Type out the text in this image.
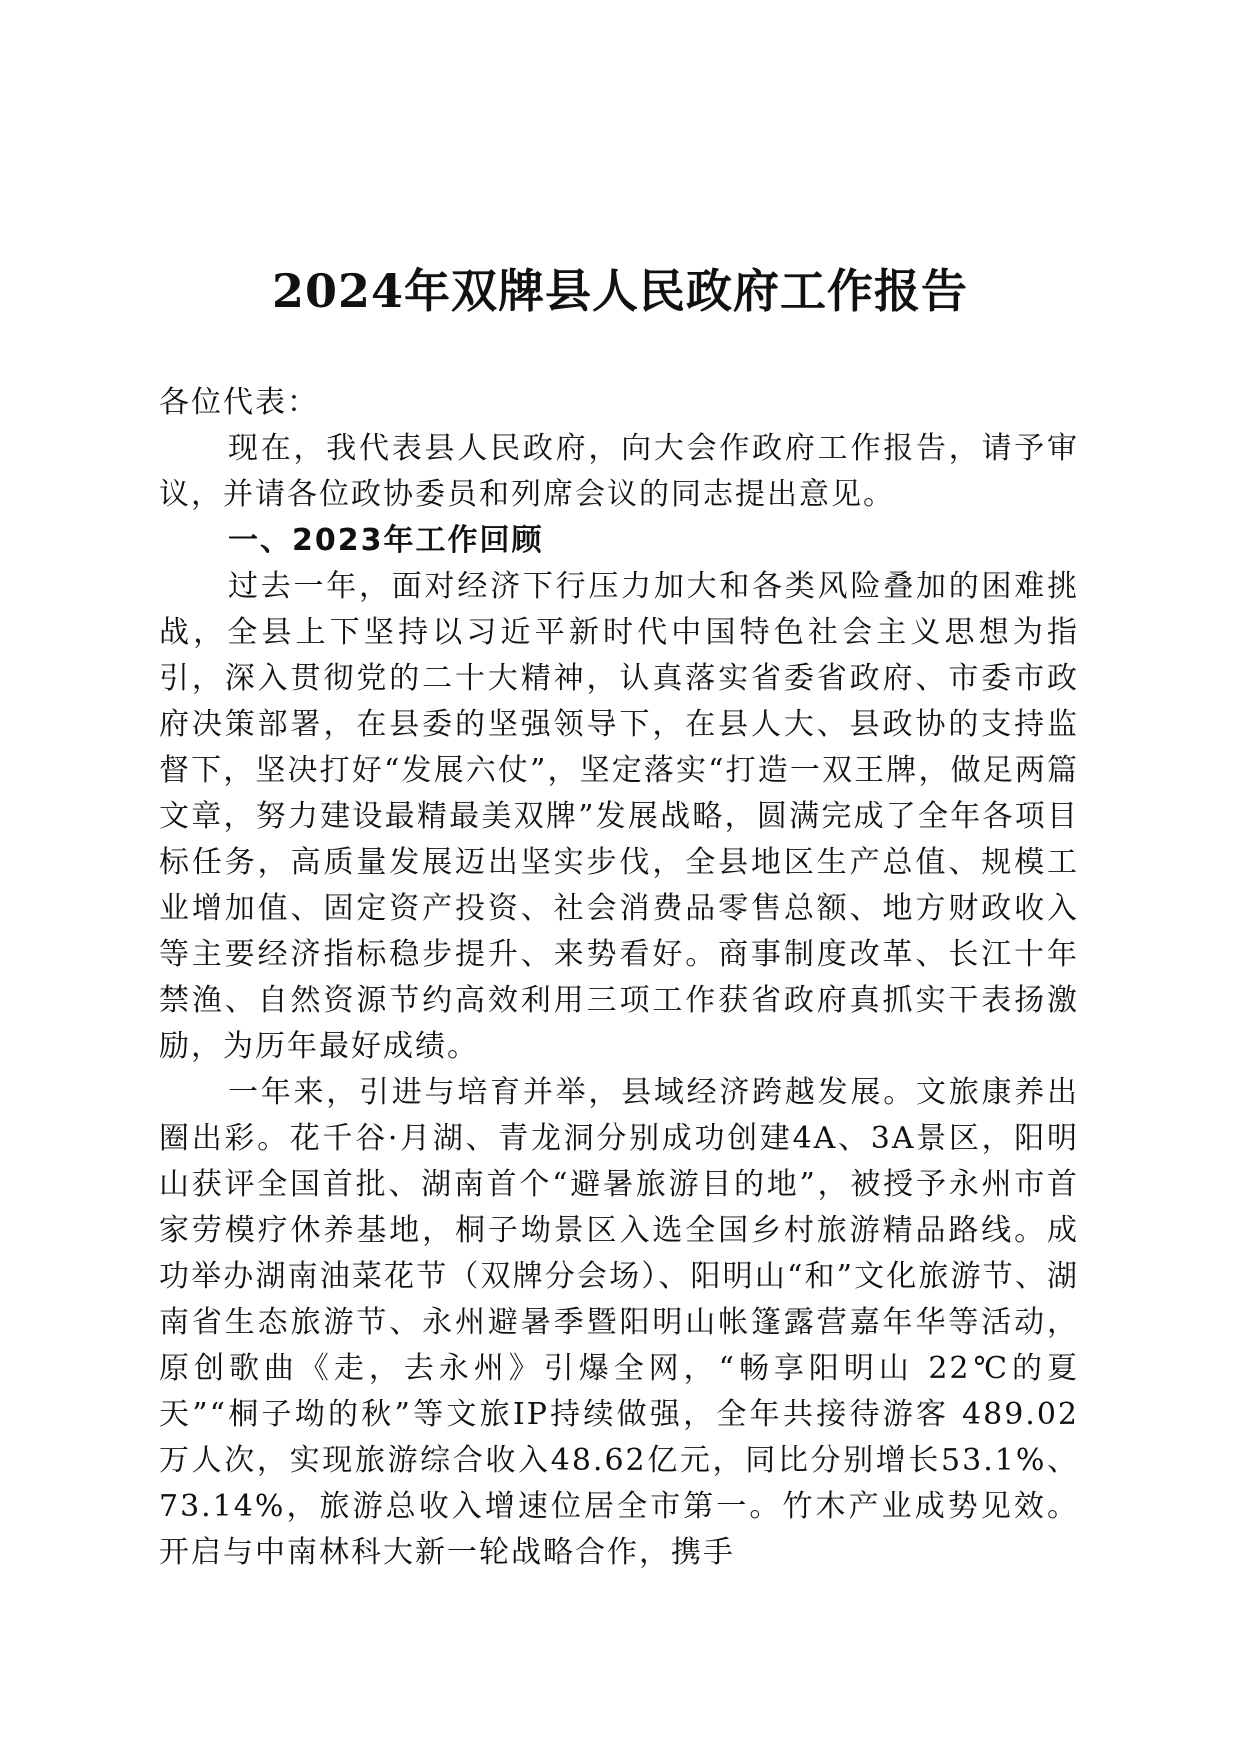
2024年双牌县人民政府工作报告

各位代表：

现在，我代表县人民政府，向大会作政府工作报告，请予审议，并请各位政协委员和列席会议的同志提出意见。

一、2023年工作回顾

过去一年，面对经济下行压力加大和各类风险叠加的困难挑战，全县上下坚持以习近平新时代中国特色社会主义思想为指引，深入贯彻党的二十大精神，认真落实省委省政府、市委市政府决策部署，在县委的坚强领导下，在县人大、县政协的支持监督下，坚决打好“发展六仗”，坚定落实“打造一双王牌，做足两篇文章，努力建设最精最美双牌”发展战略，圆满完成了全年各项目标任务，高质量发展迈出坚实步伐，全县地区生产总值、规模工业增加值、固定资产投资、社会消费品零售总额、地方财政收入等主要经济指标稳步提升、来势看好。商事制度改革、长江十年禁渔、自然资源节约高效利用三项工作获省政府真抓实干表扬激励，为历年最好成绩。

一年来，引进与培育并举，县域经济跨越发展。文旅康养出圈出彩。花千谷·月湖、青龙洞分别成功创建4A、3A景区，阳明山获评全国首批、湖南首个“避暑旅游目的地”，被授予永州市首家劳模疗休养基地，桐子坳景区入选全国乡村旅游精品路线。成功举办湖南油菜花节（双牌分会场）、阳明山“和”文化旅游节、湖南省生态旅游节、永州避暑季暨阳明山帐篷露营嘉年华等活动，原创歌曲《走，去永州》引爆全网，“畅享阳明山 22℃的夏天”“桐子坳的秋”等文旅IP持续做强，全年共接待游客 489.02万人次，实现旅游综合收入48.62亿元，同比分别增长53.1%、73.14%，旅游总收入增速位居全市第一。竹木产业成势见效。开启与中南林科大新一轮战略合作，携手
